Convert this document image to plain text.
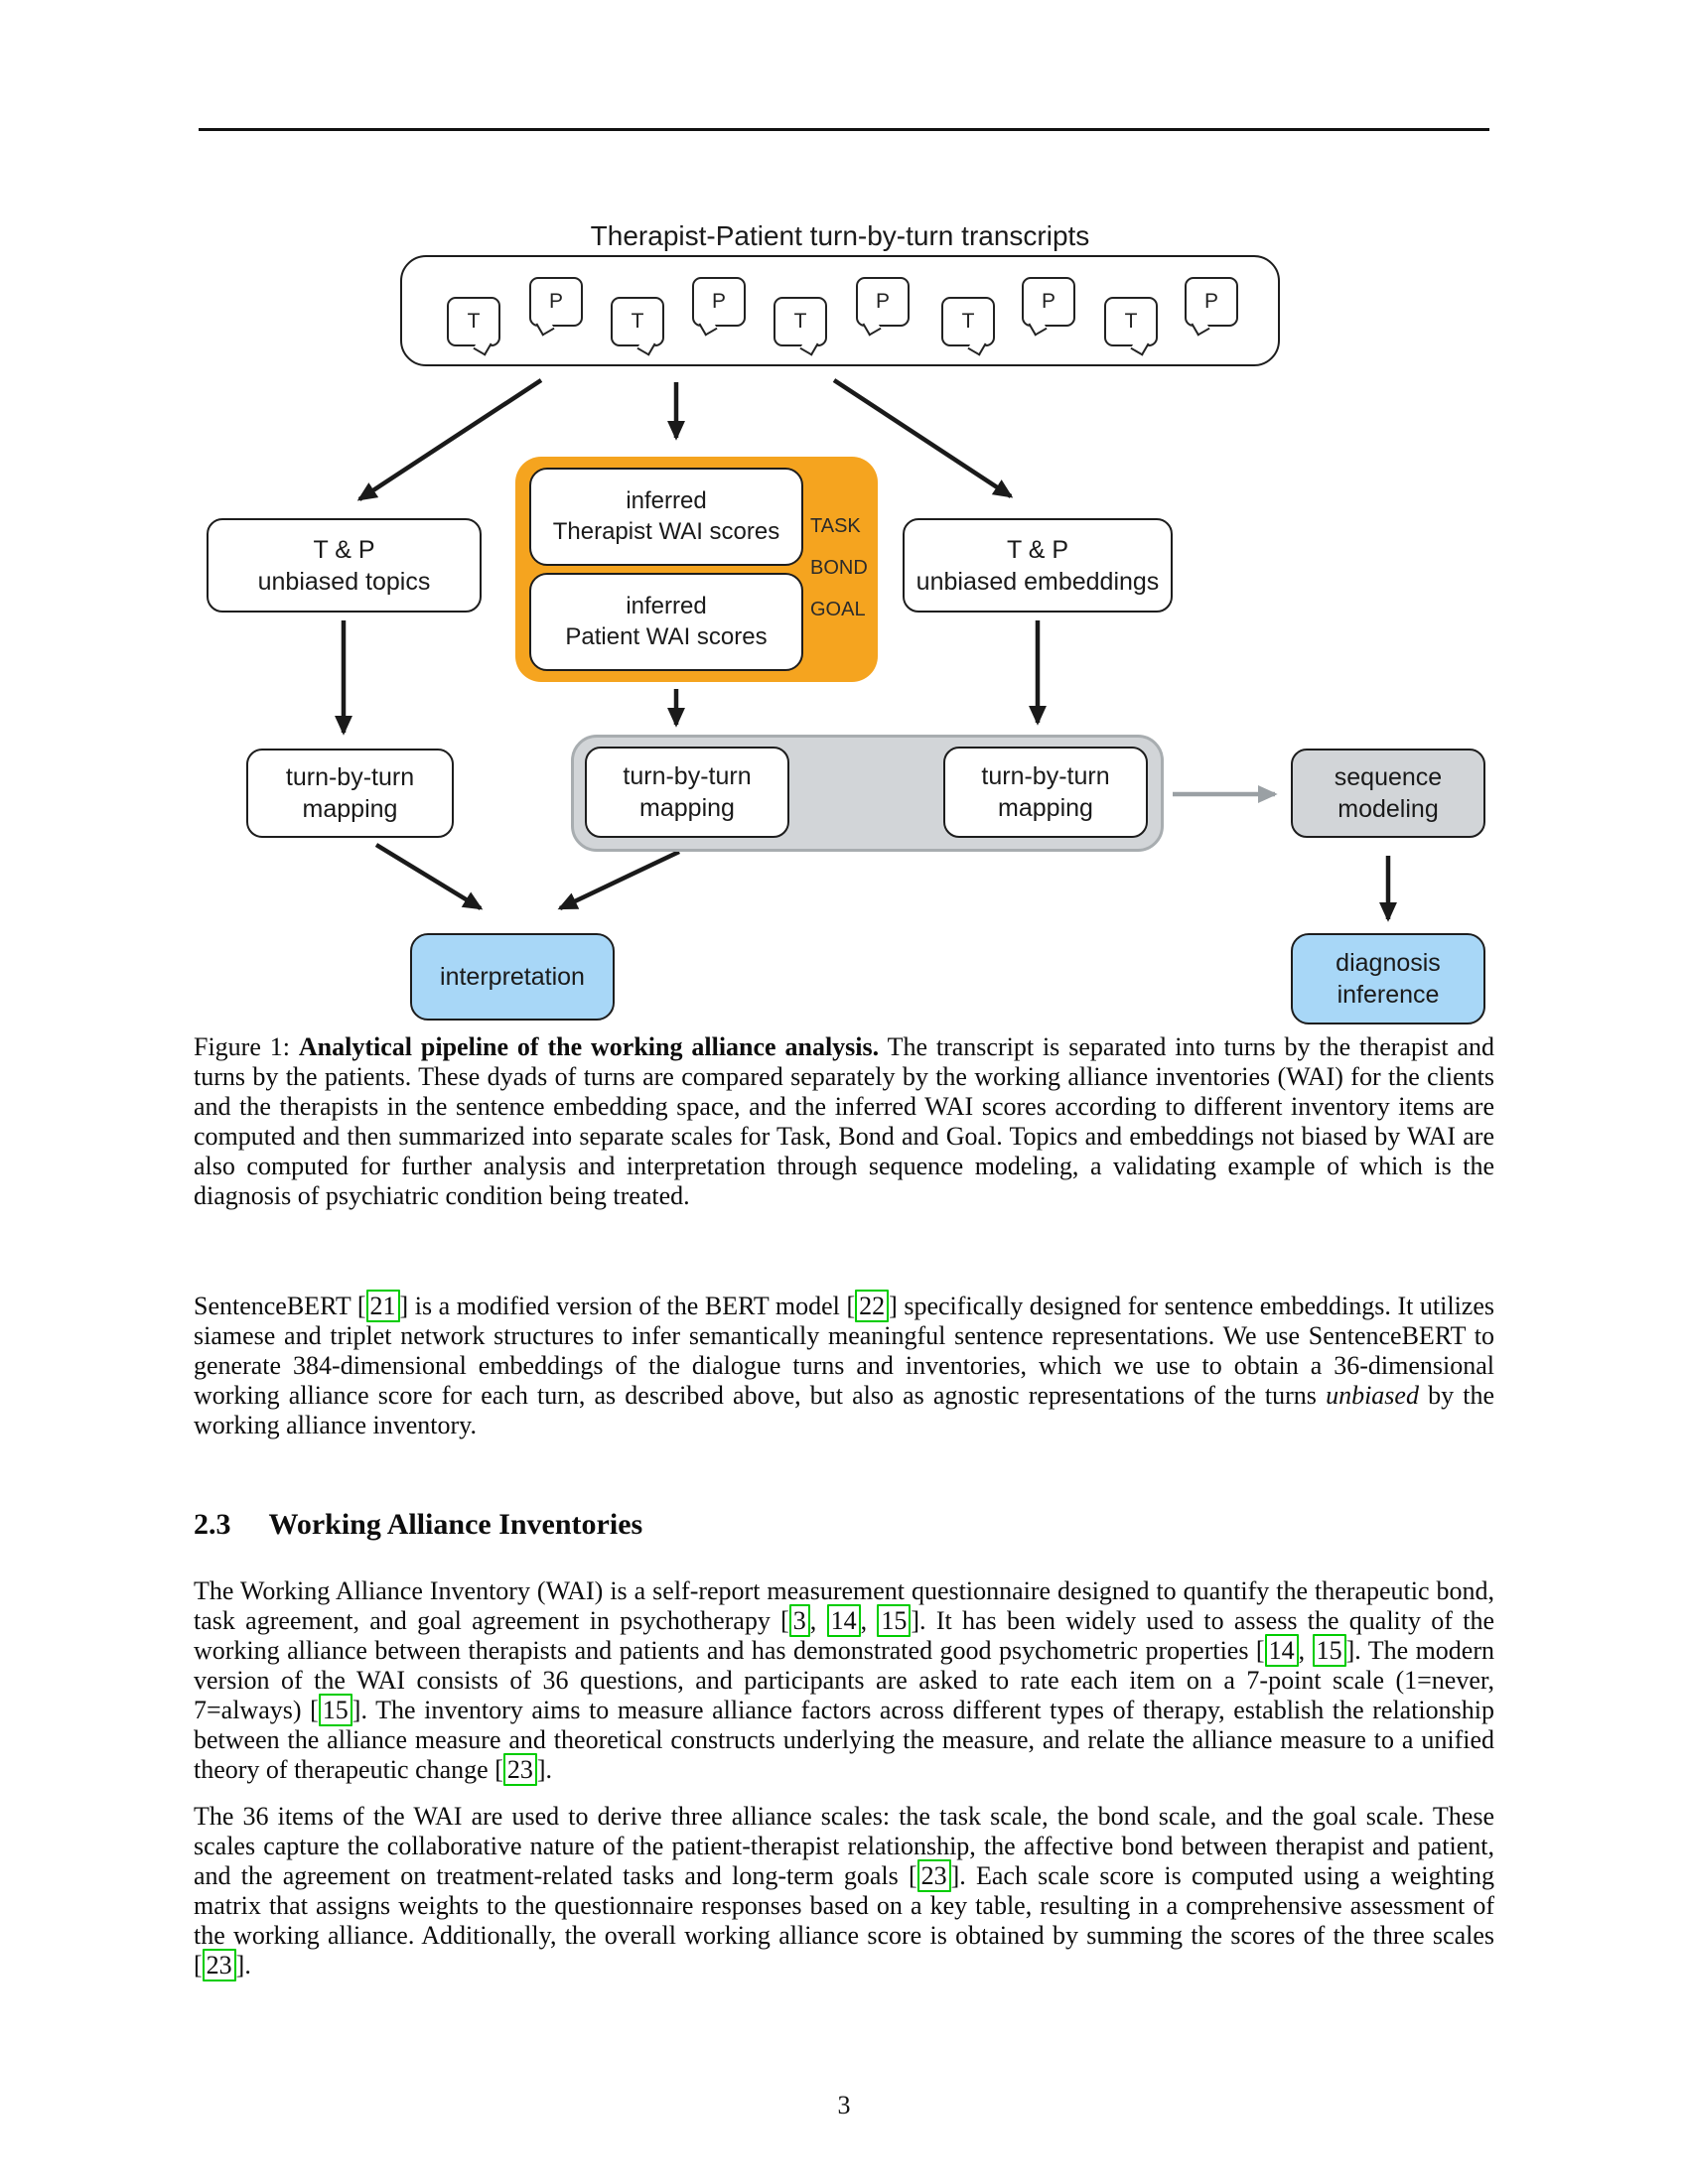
Therapist-Patient turn-by-turn transcripts
T
P
T
P
T
P
T
P
T
P
T & P
unbiased topics
inferred
Therapist WAI scores
inferred
Patient WAI scores
TASK
BOND
GOAL
T & P
unbiased embeddings
turn-by-turn
mapping
turn-by-turn
mapping
turn-by-turn
mapping
sequence
modeling
interpretation	diagnosis
inference
Figure 1: Analytical pipeline of the working alliance analysis. The transcript is separated into turns by the therapist and turns by the patients. These dyads of turns are compared separately by the working alliance inventories (WAI) for the clients and the therapists in the sentence embedding space, and the inferred WAI scores according to different inventory items are computed and then summarized into separate scales for Task, Bond and Goal. Topics and embeddings not biased by WAI are also computed for further analysis and interpretation through sequence modeling, a validating example of which is the diagnosis of psychiatric condition being treated.
SentenceBERT [ 21 ] is a modified version of the BERT model [ 22 ] specifically designed for sentence embeddings. It utilizes siamese and triplet network structures to infer semantically meaningful sentence representations. We use SentenceBERT to generate 384-dimensional embeddings of the dialogue turns and inventories, which we use to obtain a 36-dimensional working alliance score for each turn, as described above, but also as agnostic representations of the turns unbiased by the working alliance inventory.
2.3 Working Alliance Inventories
The Working Alliance Inventory (WAI) is a self-report measurement questionnaire designed to quantify the therapeutic bond, task agreement, and goal agreement in psychotherapy [ 3 , 14 , 15 ]. It has been widely used to assess the quality of the working alliance between therapists and patients and has demonstrated good psychometric properties [ 14 , 15 ]. The modern version of the WAI consists of 36 questions, and participants are asked to rate each item on a 7-point scale (1=never, 7=always) [ 15 ]. The inventory aims to measure alliance factors across different types of therapy, establish the relationship between the alliance measure and theoretical constructs underlying the measure, and relate the alliance measure to a unified theory of therapeutic change [ 23 ].
The 36 items of the WAI are used to derive three alliance scales: the task scale, the bond scale, and the goal scale. These scales capture the collaborative nature of the patient-therapist relationship, the affective bond between therapist and patient, and the agreement on treatment-related tasks and long-term goals [ 23 ]. Each scale score is computed using a weighting matrix that assigns weights to the questionnaire responses based on a key table, resulting in a comprehensive assessment of the working alliance. Additionally, the overall working alliance score is obtained by summing the scores of the three scales [ 23 ].
3
